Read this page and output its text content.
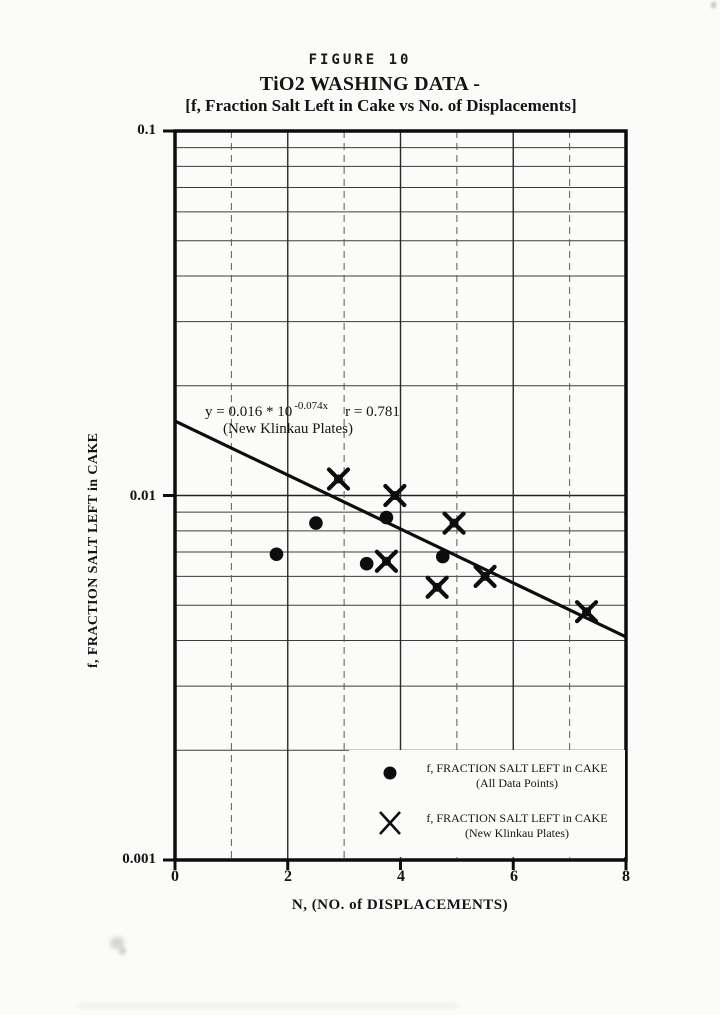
FIGURE 10
TiO2 WASHING DATA -
[f, Fraction Salt Left in Cake vs No. of Displacements]
f, FRACTION SALT LEFT in CAKE
N, (NO. of DISPLACEMENTS)
0.1
0.01
0.001
0	2	4	6	8
y = 0.016 * 10 $^{-0.074x}$ r = 0.781
(New Klinkau Plates)
f, FRACTION SALT LEFT in CAKE
(All Data Points)
f, FRACTION SALT LEFT in CAKE
(New Klinkau Plates)
